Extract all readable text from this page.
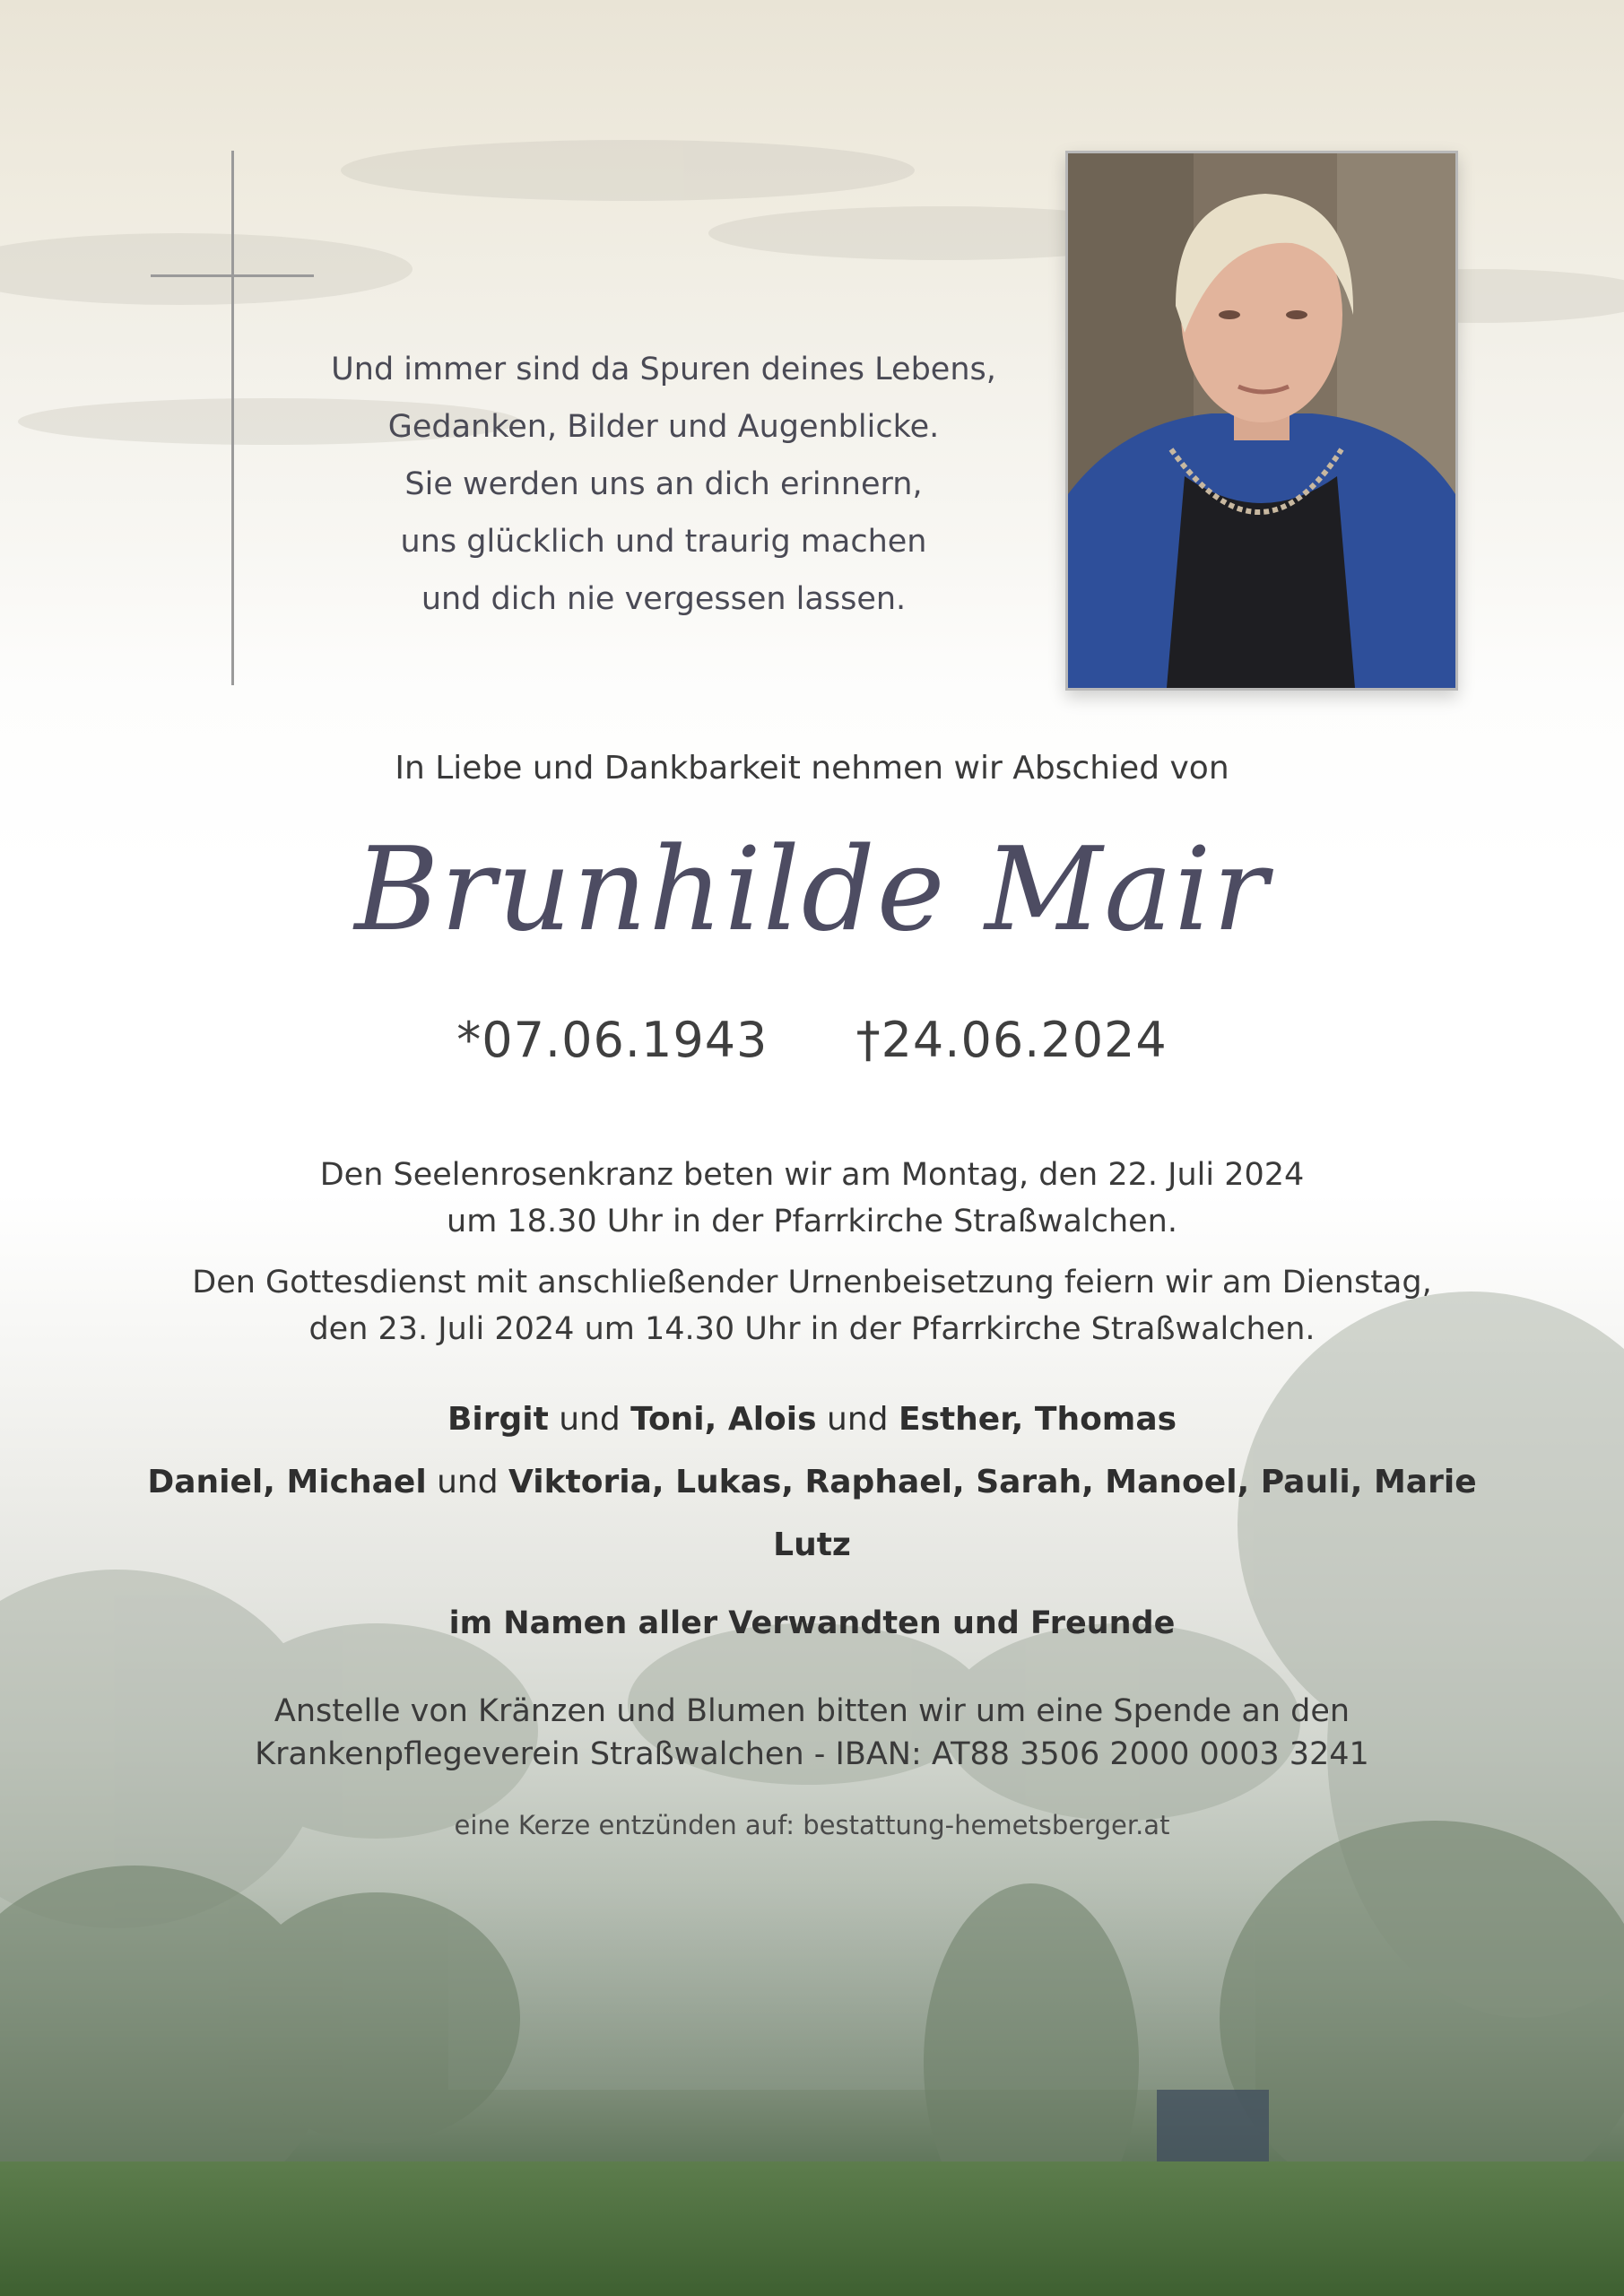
Und immer sind da Spuren deines Lebens,
Gedanken, Bilder und Augenblicke.
Sie werden uns an dich erinnern,
uns glücklich und traurig machen
und dich nie vergessen lassen.
In Liebe und Dankbarkeit nehmen wir Abschied von
Brunhilde Mair
*07.06.1943 †24.06.2024
Den Seelenrosenkranz beten wir am Montag, den 22. Juli 2024
um 18.30 Uhr in der Pfarrkirche Straßwalchen.
Den Gottesdienst mit anschließender Urnenbeisetzung feiern wir am Dienstag,
den 23. Juli 2024 um 14.30 Uhr in der Pfarrkirche Straßwalchen.
Birgit und Toni, Alois und Esther, Thomas
Daniel, Michael und Viktoria, Lukas, Raphael, Sarah, Manoel, Pauli, Marie
Lutz
im Namen aller Verwandten und Freunde
Anstelle von Kränzen und Blumen bitten wir um eine Spende an den
Krankenpflegeverein Straßwalchen - IBAN: AT88 3506 2000 0003 3241
eine Kerze entzünden auf: bestattung-hemetsberger.at
